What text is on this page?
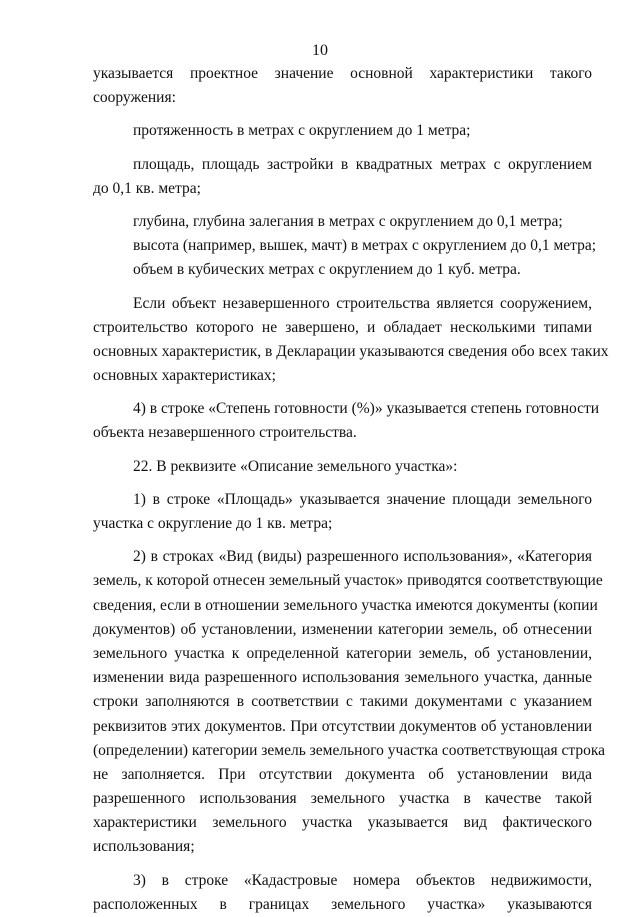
10
указывается проектное значение основной характеристики такого
сооружения:
протяженность в метрах с округлением до 1 метра;
площадь, площадь застройки в квадратных метрах с округлением
до 0,1 кв. метра;
глубина, глубина залегания в метрах с округлением до 0,1 метра;
высота (например, вышек, мачт) в метрах с округлением до 0,1 метра;
объем в кубических метрах с округлением до 1 куб. метра.
Если объект незавершенного строительства является сооружением,
строительство которого не завершено, и обладает несколькими типами
основных характеристик, в Декларации указываются сведения обо всех таких
основных характеристиках;
4) в строке «Степень готовности (%)» указывается степень готовности
объекта незавершенного строительства.
22. В реквизите «Описание земельного участка»:
1) в строке «Площадь» указывается значение площади земельного
участка с округление до 1 кв. метра;
2) в строках «Вид (виды) разрешенного использования», «Категория
земель, к которой отнесен земельный участок» приводятся соответствующие
сведения, если в отношении земельного участка имеются документы (копии
документов) об установлении, изменении категории земель, об отнесении
земельного участка к определенной категории земель, об установлении,
изменении вида разрешенного использования земельного участка, данные
строки заполняются в соответствии с такими документами с указанием
реквизитов этих документов. При отсутствии документов об установлении
(определении) категории земель земельного участка соответствующая строка
не заполняется. При отсутствии документа об установлении вида
разрешенного использования земельного участка в качестве такой
характеристики земельного участка указывается вид фактического
использования;
3) в строке «Кадастровые номера объектов недвижимости,
расположенных в границах земельного участка» указываются
